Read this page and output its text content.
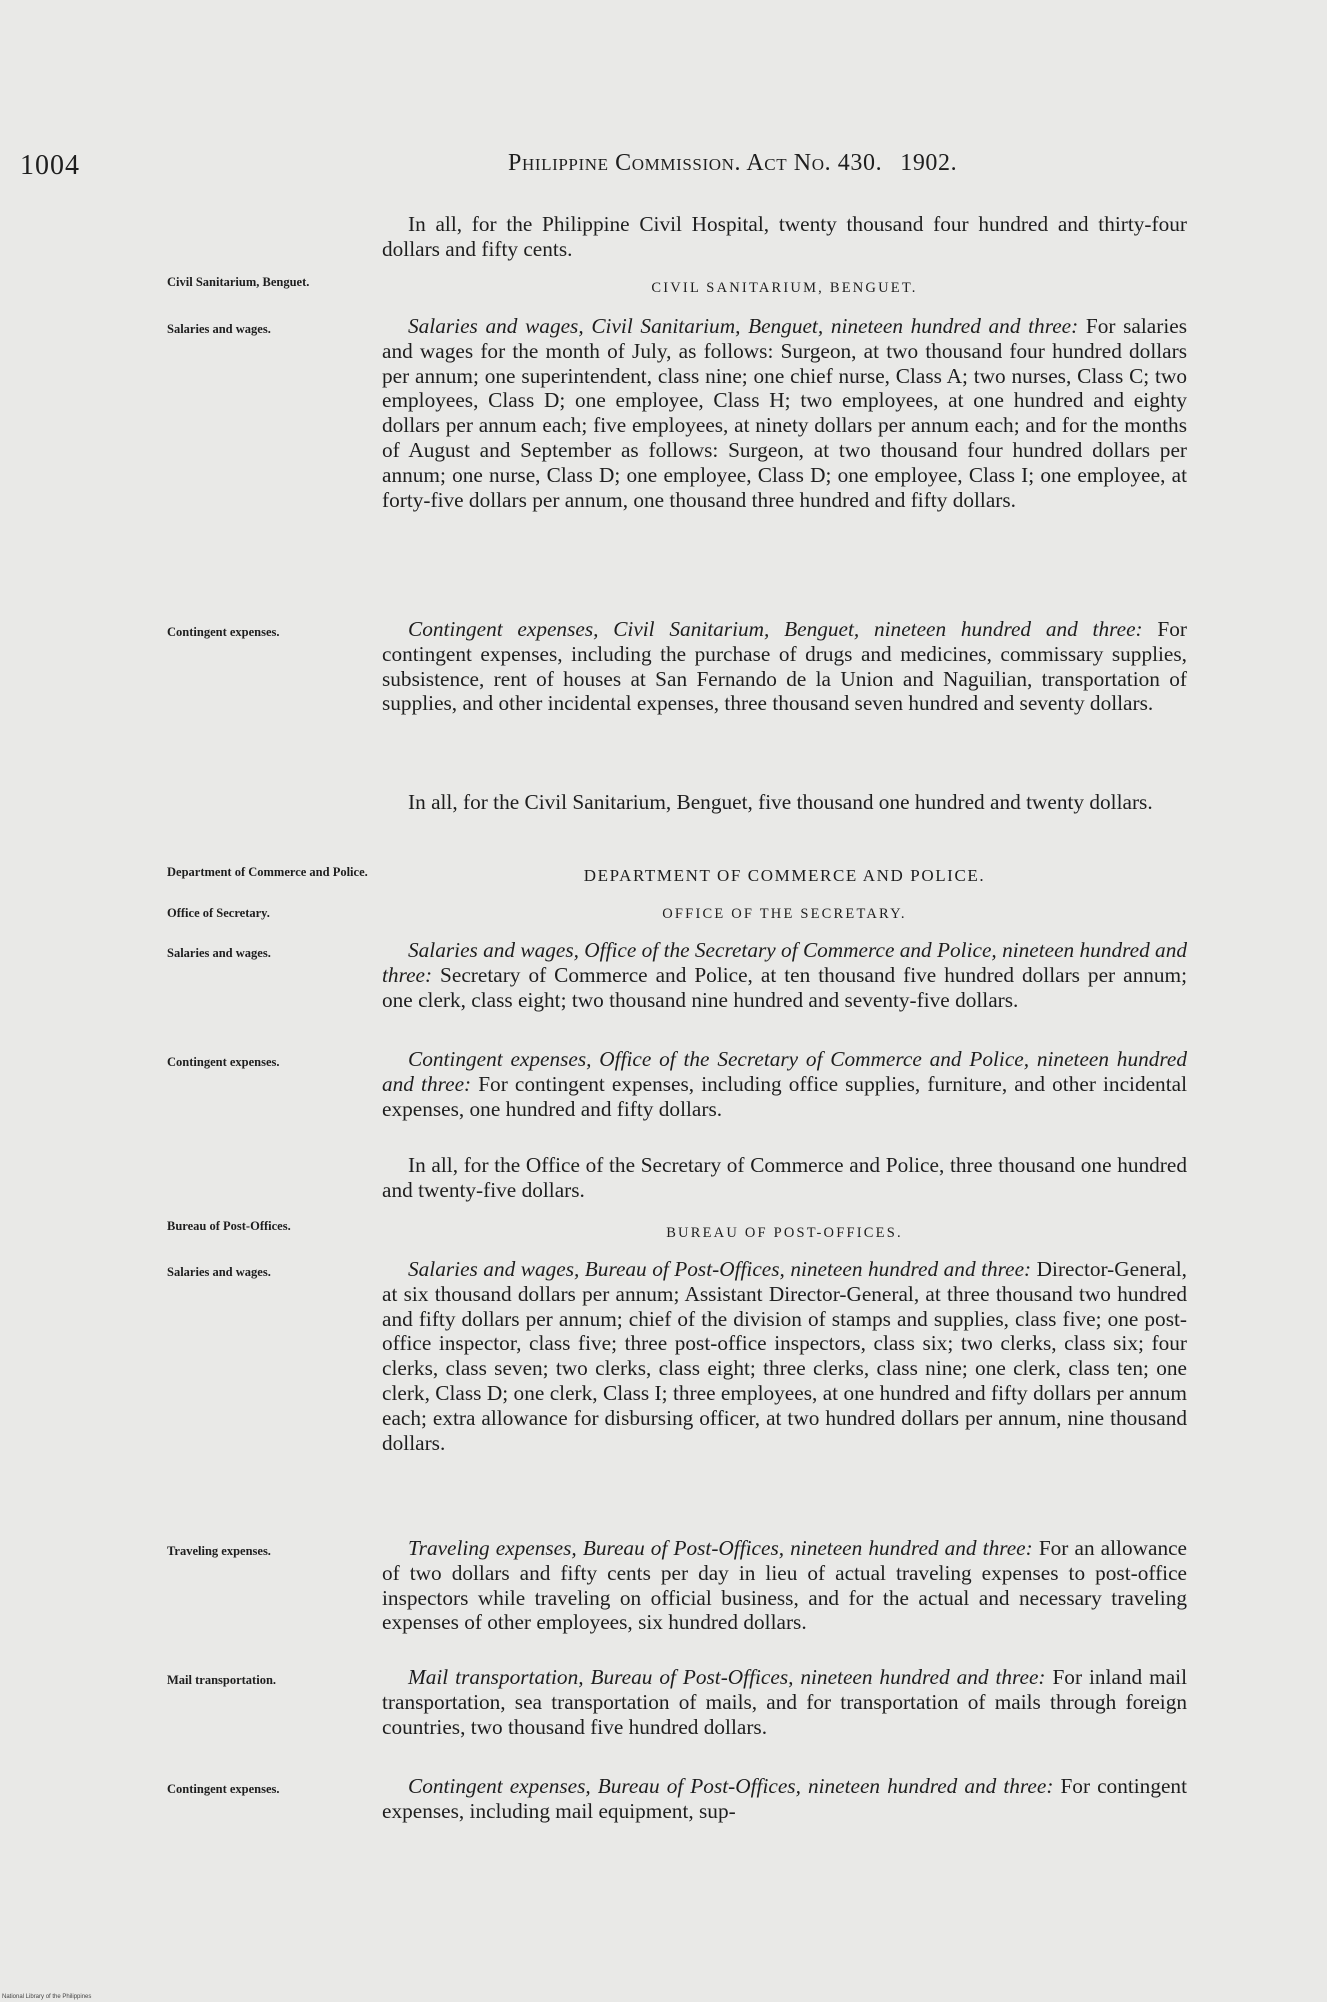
1004	Philippine Commission. Act No. 430. 1902.

In all, for the Philippine Civil Hospital, twenty thousand four hundred and thirty-four dollars and fifty cents.

Civil Sanitarium, Benguet.	CIVIL SANITARIUM, BENGUET.
Salaries and wages.	Salaries and wages, Civil Sanitarium, Benguet, nineteen hundred and three: For salaries and wages for the month of July, as follows: Surgeon, at two thousand four hundred dollars per annum; one superintendent, class nine; one chief nurse, Class A; two nurses, Class C; two employees, Class D; one employee, Class H; two employees, at one hundred and eighty dollars per annum each; five employees, at ninety dollars per annum each; and for the months of August and September as follows: Surgeon, at two thousand four hundred dollars per annum; one nurse, Class D; one employee, Class D; one employee, Class I; one employee, at forty-five dollars per annum, one thousand three hundred and fifty dollars.

Contingent expenses.	Contingent expenses, Civil Sanitarium, Benguet, nineteen hundred and three: For contingent expenses, including the purchase of drugs and medicines, commissary supplies, subsistence, rent of houses at San Fernando de la Union and Naguilian, transportation of supplies, and other incidental expenses, three thousand seven hundred and seventy dollars.

In all, for the Civil Sanitarium, Benguet, five thousand one hundred and twenty dollars.

Department of Commerce and Police.	DEPARTMENT OF COMMERCE AND POLICE.
Office of Secretary.	OFFICE OF THE SECRETARY.
Salaries and wages.	Salaries and wages, Office of the Secretary of Commerce and Police, nineteen hundred and three: Secretary of Commerce and Police, at ten thousand five hundred dollars per annum; one clerk, class eight; two thousand nine hundred and seventy-five dollars.

Contingent expenses.	Contingent expenses, Office of the Secretary of Commerce and Police, nineteen hundred and three: For contingent expenses, including office supplies, furniture, and other incidental expenses, one hundred and fifty dollars.

In all, for the Office of the Secretary of Commerce and Police, three thousand one hundred and twenty-five dollars.

Bureau of Post-Offices.	BUREAU OF POST-OFFICES.
Salaries and wages.	Salaries and wages, Bureau of Post-Offices, nineteen hundred and three: Director-General, at six thousand dollars per annum; Assistant Director-General, at three thousand two hundred and fifty dollars per annum; chief of the division of stamps and supplies, class five; one post-office inspector, class five; three post-office inspectors, class six; two clerks, class six; four clerks, class seven; two clerks, class eight; three clerks, class nine; one clerk, class ten; one clerk, Class D; one clerk, Class I; three employees, at one hundred and fifty dollars per annum each; extra allowance for disbursing officer, at two hundred dollars per annum, nine thousand dollars.

Traveling expenses.	Traveling expenses, Bureau of Post-Offices, nineteen hundred and three: For an allowance of two dollars and fifty cents per day in lieu of actual traveling expenses to post-office inspectors while traveling on official business, and for the actual and necessary traveling expenses of other employees, six hundred dollars.

Mail transportation.	Mail transportation, Bureau of Post-Offices, nineteen hundred and three: For inland mail transportation, sea transportation of mails, and for transportation of mails through foreign countries, two thousand five hundred dollars.

Contingent expenses.	Contingent expenses, Bureau of Post-Offices, nineteen hundred and three: For contingent expenses, including mail equipment, sup-

National Library of the Philippines
